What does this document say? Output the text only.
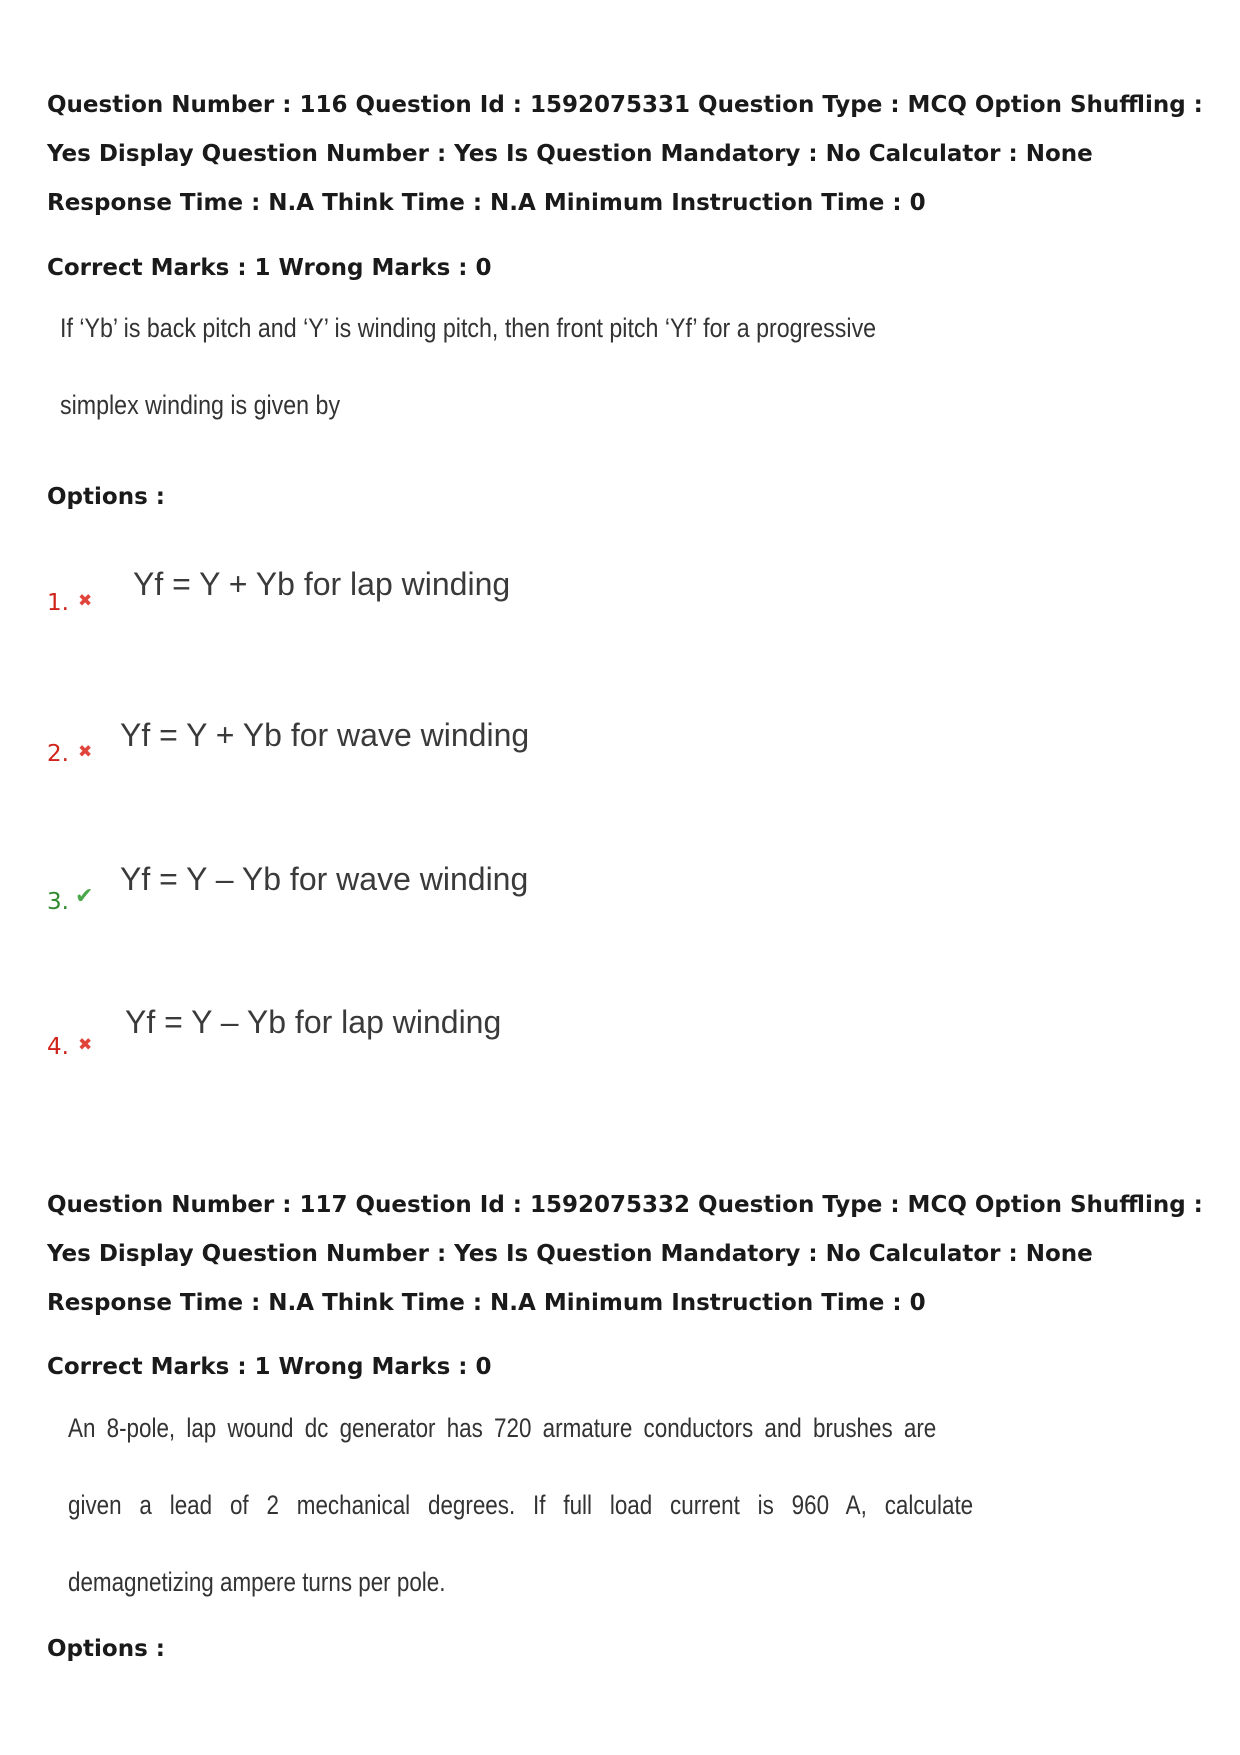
Question Number : 116 Question Id : 1592075331 Question Type : MCQ Option Shuffling : Yes Display Question Number : Yes Is Question Mandatory : No Calculator : None Response Time : N.A Think Time : N.A Minimum Instruction Time : 0
Correct Marks : 1 Wrong Marks : 0
If ‘Yb’ is back pitch and ‘Y’ is winding pitch, then front pitch ‘Yf’ for a progressive
simplex winding is given by
Options :
1. ✖ Yf = Y + Yb for lap winding
2. ✖ Yf = Y + Yb for wave winding
3. ✔ Yf = Y – Yb for wave winding
4. ✖
Yf = Y – Yb for lap winding
Question Number : 117 Question Id : 1592075332 Question Type : MCQ Option Shuffling : Yes Display Question Number : Yes Is Question Mandatory : No Calculator : None Response Time : N.A Think Time : N.A Minimum Instruction Time : 0
Correct Marks : 1 Wrong Marks : 0
An 8-pole, lap wound dc generator has 720 armature conductors and brushes are
given a lead of 2 mechanical degrees. If full load current is 960 A, calculate
demagnetizing ampere turns per pole.
Options :
